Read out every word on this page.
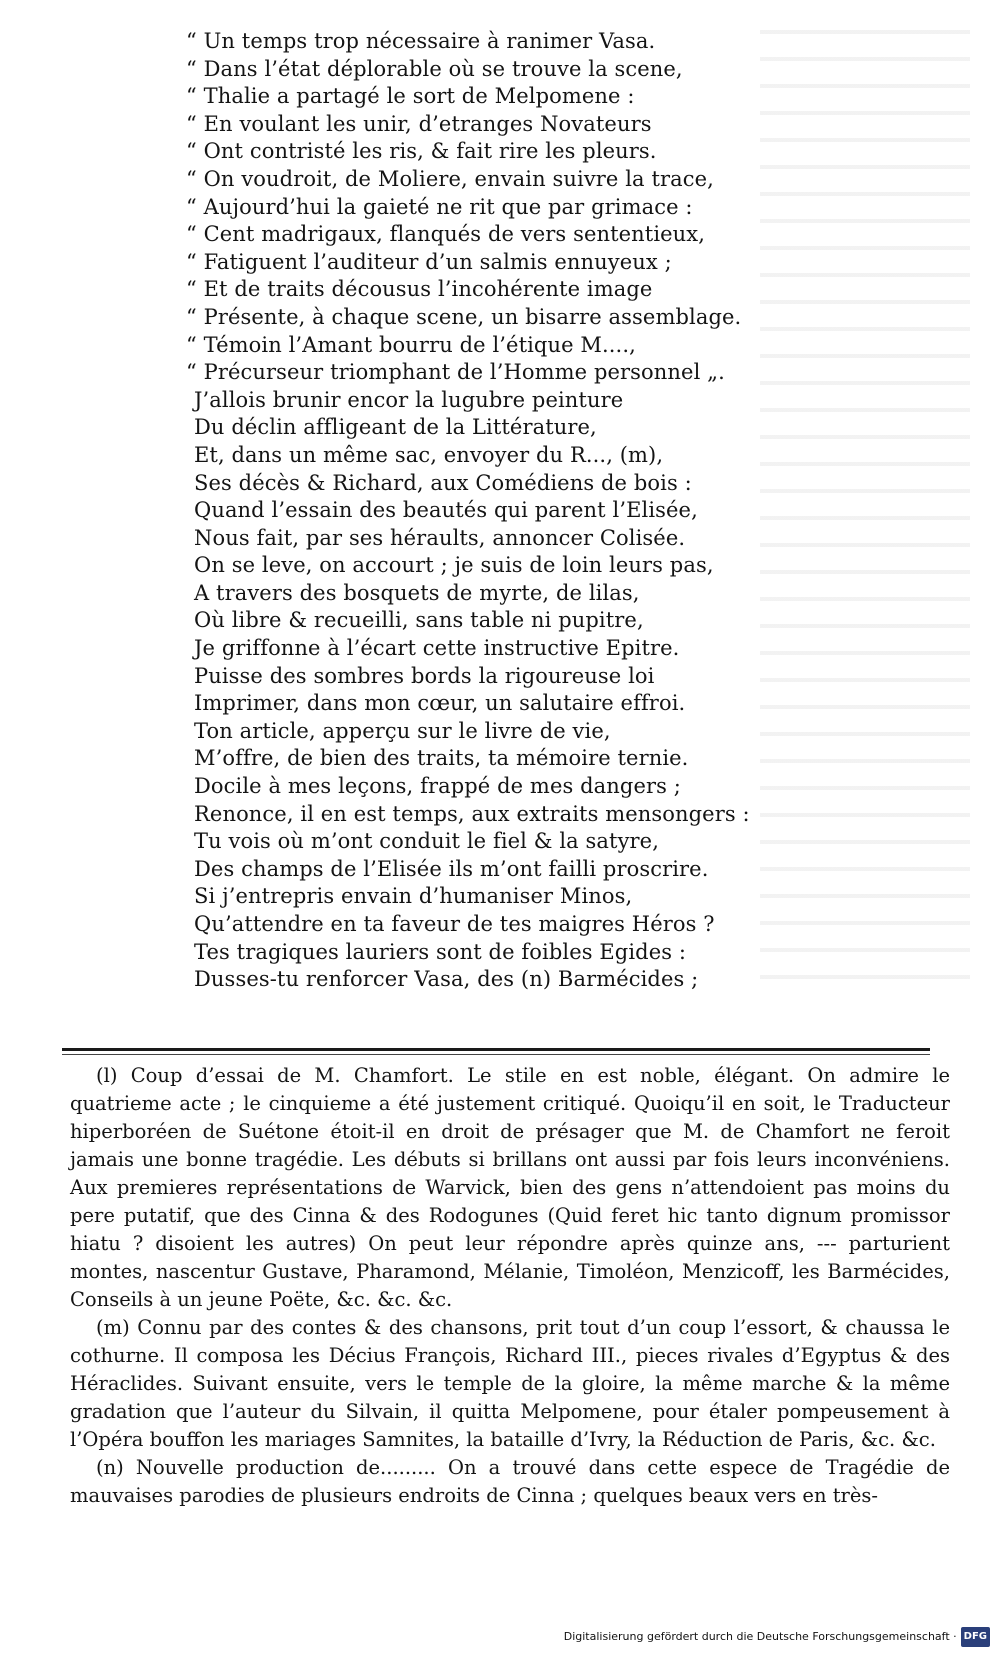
“ Un temps trop nécessaire à ranimer Vasa.
“ Dans l’état déplorable où se trouve la scene,
“ Thalie a partagé le sort de Melpomene :
“ En voulant les unir, d’etranges Novateurs
“ Ont contristé les ris, & fait rire les pleurs.
“ On voudroit, de Moliere, envain suivre la trace,
“ Aujourd’hui la gaieté ne rit que par grimace :
“ Cent madrigaux, flanqués de vers sententieux,
“ Fatiguent l’auditeur d’un salmis ennuyeux ;
“ Et de traits décousus l’incohérente image
“ Présente, à chaque scene, un bisarre assemblage.
“ Témoin l’Amant bourru de l’étique M....,
“ Précurseur triomphant de l’Homme personnel „.
J’allois brunir encor la lugubre peinture
Du déclin affligeant de la Littérature,
Et, dans un même sac, envoyer du R..., (m),
Ses décès & Richard, aux Comédiens de bois :
Quand l’essain des beautés qui parent l’Elisée,
Nous fait, par ses héraults, annoncer Colisée.
On se leve, on accourt ; je suis de loin leurs pas,
A travers des bosquets de myrte, de lilas,
Où libre & recueilli, sans table ni pupitre,
Je griffonne à l’écart cette instructive Epitre.
Puisse des sombres bords la rigoureuse loi
Imprimer, dans mon cœur, un salutaire effroi.
Ton article, apperçu sur le livre de vie,
M’offre, de bien des traits, ta mémoire ternie.
Docile à mes leçons, frappé de mes dangers ;
Renonce, il en est temps, aux extraits mensongers :
Tu vois où m’ont conduit le fiel & la satyre,
Des champs de l’Elisée ils m’ont failli proscrire.
Si j’entrepris envain d’humaniser Minos,
Qu’attendre en ta faveur de tes maigres Héros ?
Tes tragiques lauriers sont de foibles Egides :
Dusses-tu renforcer Vasa, des (n) Barmécides ;

(l) Coup d’essai de M. Chamfort. Le stile en est noble, élégant. On admire le quatrieme acte ; le cinquieme a été justement critiqué. Quoiqu’il en soit, le Traducteur hiperboréen de Suétone étoit-il en droit de présager que M. de Chamfort ne feroit jamais une bonne tragédie. Les débuts si brillans ont aussi par fois leurs inconvéniens. Aux premieres représentations de Warvick, bien des gens n’attendoient pas moins du pere putatif, que des Cinna & des Rodogunes (Quid feret hic tanto dignum promissor hiatu ? disoient les autres) On peut leur répondre après quinze ans, --- parturient montes, nascentur Gustave, Pharamond, Mélanie, Timoléon, Menzicoff, les Barmécides, Conseils à un jeune Poëte, &c. &c. &c.

(m) Connu par des contes & des chansons, prit tout d’un coup l’essort, & chaussa le cothurne. Il composa les Décius François, Richard III., pieces rivales d’Egyptus & des Héraclides. Suivant ensuite, vers le temple de la gloire, la même marche & la même gradation que l’auteur du Silvain, il quitta Melpomene, pour étaler pompeusement à l’Opéra bouffon les mariages Samnites, la bataille d’Ivry, la Réduction de Paris, &c. &c.

(n) Nouvelle production de......... On a trouvé dans cette espece de Tragédie de mauvaises parodies de plusieurs endroits de Cinna ; quelques beaux vers en très-

Digitalisierung gefördert durch die Deutsche Forschungsgemeinschaft · DFG
